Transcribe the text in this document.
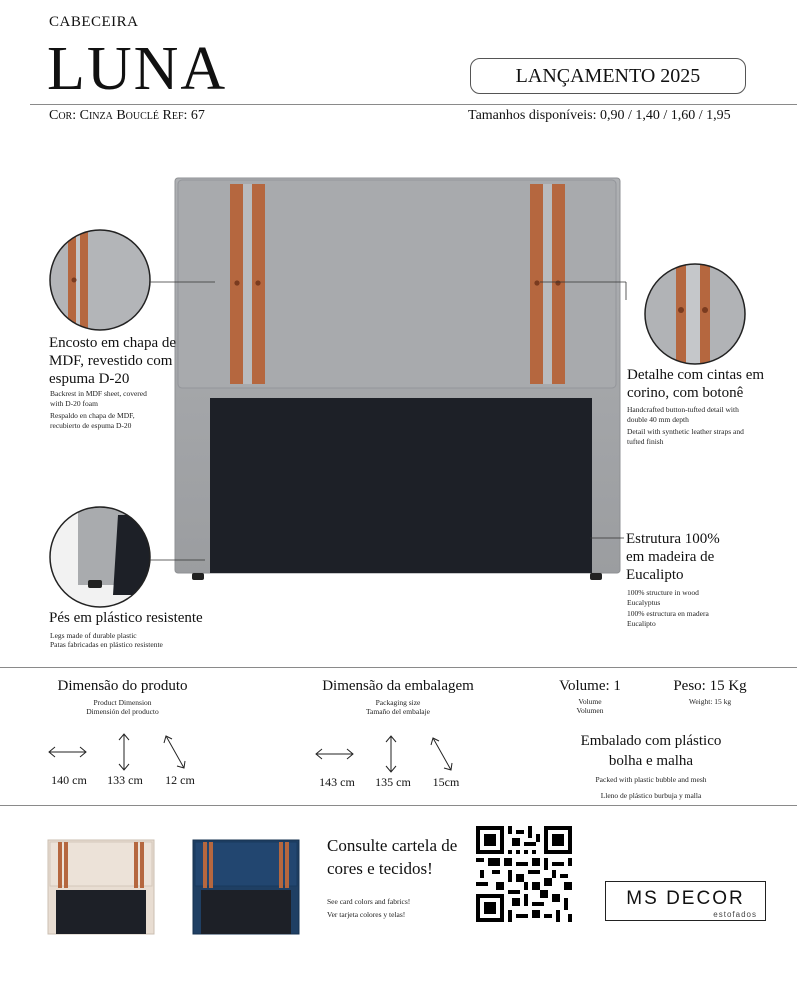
CABECEIRA
LUNA	LANÇAMENTO 2025
Cor: Cinza Bouclé Ref: 67	Tamanhos disponíveis: 0,90 / 1,40 / 1,60 / 1,95
Encosto em chapa de MDF, revestido com espuma D-20
Backrest in MDF sheet, covered with D-20 foam
Respaldo en chapa de MDF, recubierto de espuma D-20
Detalhe com cintas em corino, com botonê
Handcrafted button-tufted detail with double 40 mm depth
Detail with synthetic leather straps and tufted finish
Estrutura 100% em madeira de Eucalipto
100% structure in wood Eucalyptus
100% estructura en madera Eucalipto
Pés em plástico resistente
Legs made of durable plastic
Patas fabricadas en plástico resistente
Dimensão do produto
Product Dimension
Dimensión del producto
140 cm	133 cm	12 cm
Dimensão da embalagem
Packaging size
Tamaño del embalaje
143 cm	135 cm	15cm
Volume: 1
Volume
Volumen
Peso: 15 Kg
Weight: 15 kg
Embalado com plástico bolha e malha
Packed with plastic bubble and mesh
Lleno de plástico burbuja y malla
Consulte cartela de cores e tecidos!
See card colors and fabrics!
Ver tarjeta colores y telas!
MS DECOR
estofados
